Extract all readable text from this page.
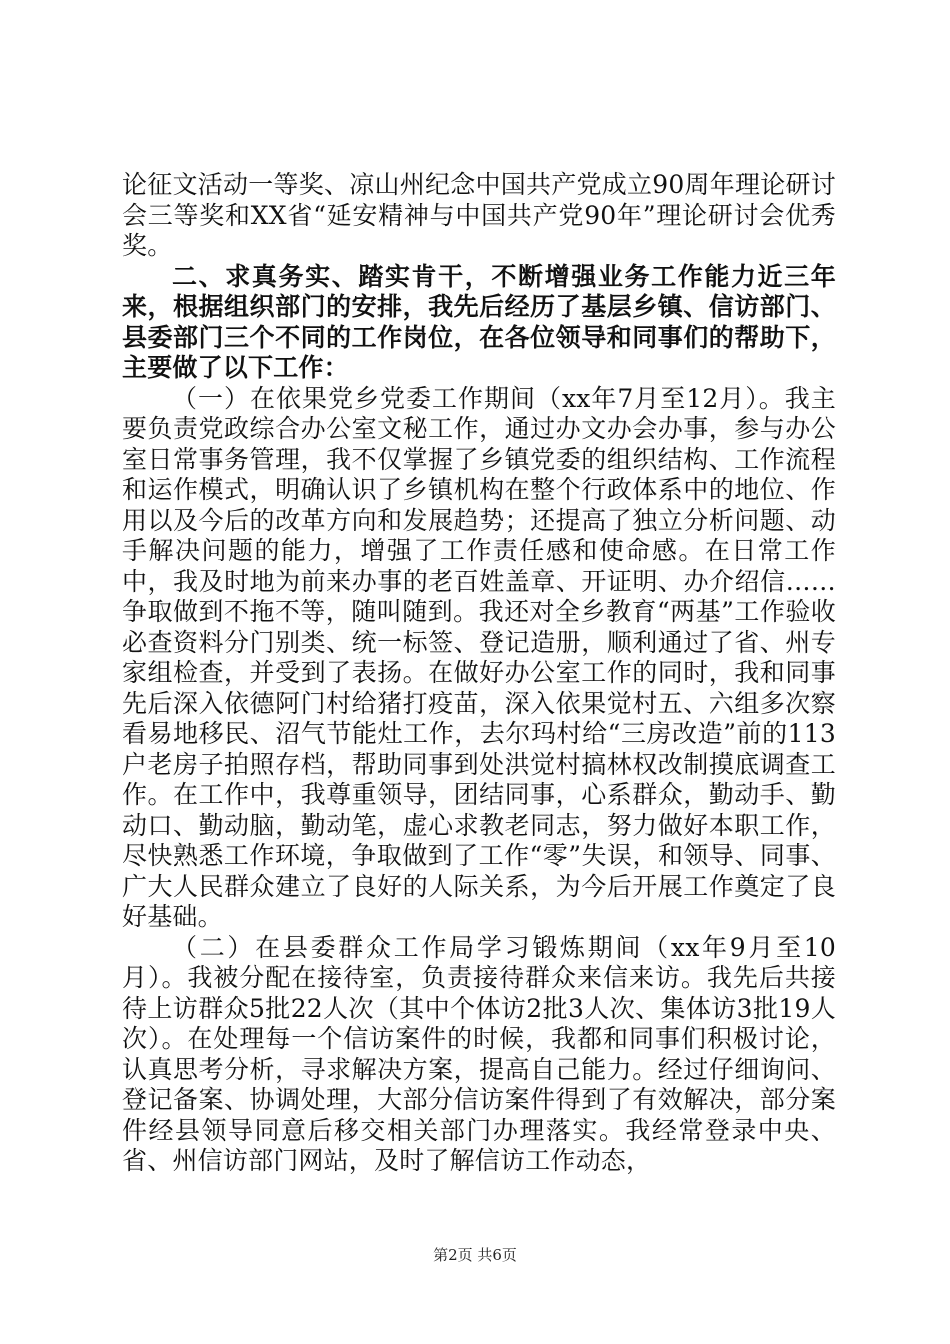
论征文活动一等奖、凉山州纪念中国共产党成立90周年理论研讨会三等奖和XX省“延安精神与中国共产党90年”理论研讨会优秀奖。

二、求真务实、踏实肯干，不断增强业务工作能力近三年来，根据组织部门的安排，我先后经历了基层乡镇、信访部门、县委部门三个不同的工作岗位，在各位领导和同事们的帮助下，主要做了以下工作：

（一）在依果党乡党委工作期间（xx年7月至12月）。我主要负责党政综合办公室文秘工作，通过办文办会办事，参与办公室日常事务管理，我不仅掌握了乡镇党委的组织结构、工作流程和运作模式，明确认识了乡镇机构在整个行政体系中的地位、作用以及今后的改革方向和发展趋势；还提高了独立分析问题、动手解决问题的能力，增强了工作责任感和使命感。在日常工作中，我及时地为前来办事的老百姓盖章、开证明、办介绍信……争取做到不拖不等，随叫随到。我还对全乡教育“两基”工作验收必查资料分门别类、统一标签、登记造册，顺利通过了省、州专家组检查，并受到了表扬。在做好办公室工作的同时，我和同事先后深入依德阿门村给猪打疫苗，深入依果觉村五、六组多次察看易地移民、沼气节能灶工作，去尔玛村给“三房改造”前的113户老房子拍照存档，帮助同事到处洪觉村搞林权改制摸底调查工作。在工作中，我尊重领导，团结同事，心系群众，勤动手、勤动口、勤动脑，勤动笔，虚心求教老同志，努力做好本职工作，尽快熟悉工作环境，争取做到了工作“零”失误，和领导、同事、广大人民群众建立了良好的人际关系，为今后开展工作奠定了良好基础。

（二）在县委群众工作局学习锻炼期间（xx年9月至10月）。我被分配在接待室，负责接待群众来信来访。我先后共接待上访群众5批22人次（其中个体访2批3人次、集体访3批19人次）。在处理每一个信访案件的时候，我都和同事们积极讨论，认真思考分析，寻求解决方案，提高自己能力。经过仔细询问、登记备案、协调处理，大部分信访案件得到了有效解决，部分案件经县领导同意后移交相关部门办理落实。我经常登录中央、省、州信访部门网站，及时了解信访工作动态，

第2页 共6页
